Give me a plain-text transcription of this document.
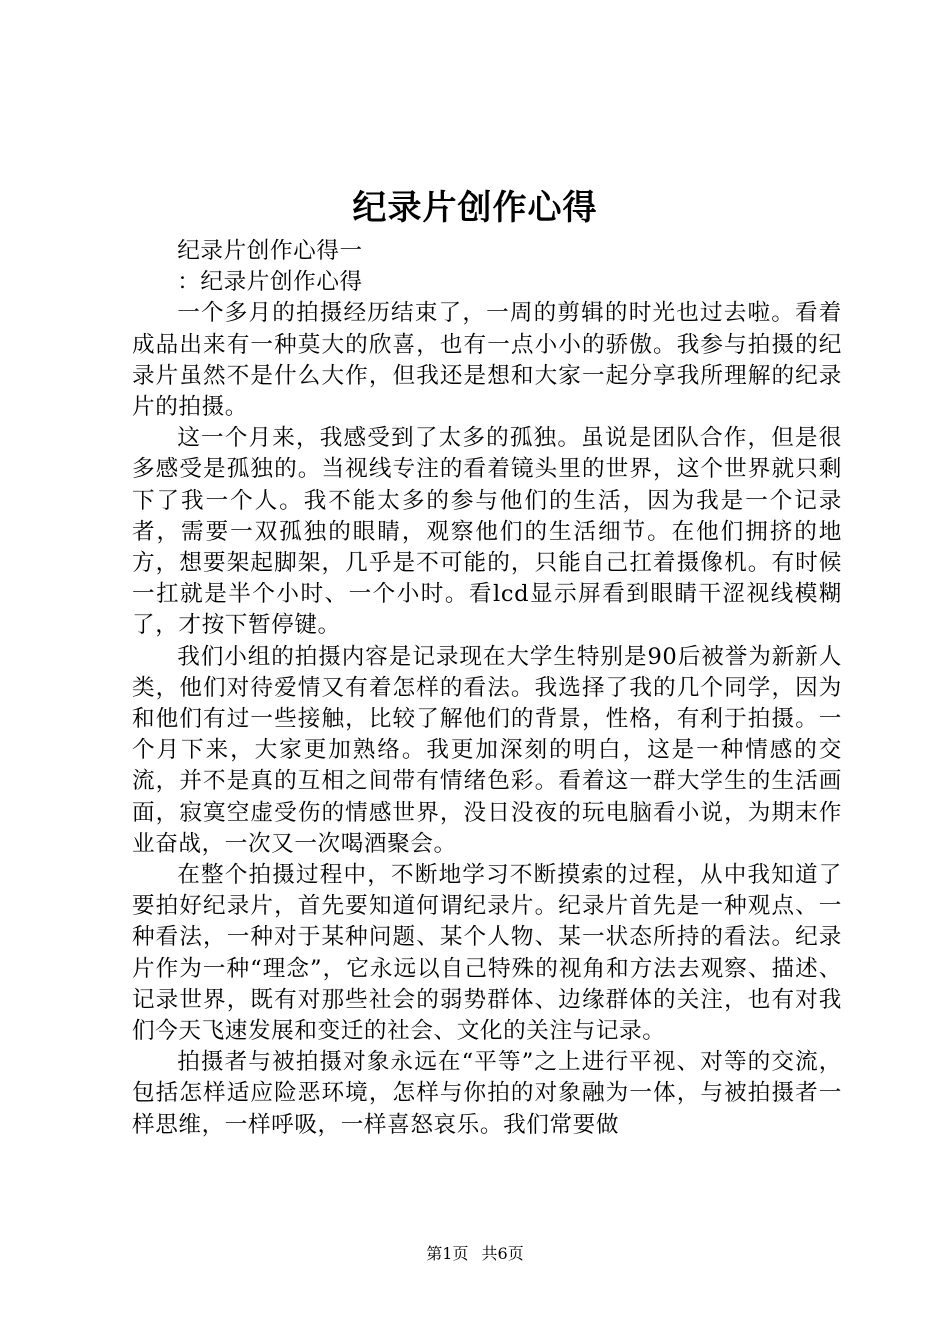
纪录片创作心得

纪录片创作心得一

：纪录片创作心得

一个多月的拍摄经历结束了，一周的剪辑的时光也过去啦。看着成品出来有一种莫大的欣喜，也有一点小小的骄傲。我参与拍摄的纪录片虽然不是什么大作，但我还是想和大家一起分享我所理解的纪录片的拍摄。

这一个月来，我感受到了太多的孤独。虽说是团队合作，但是很多感受是孤独的。当视线专注的看着镜头里的世界，这个世界就只剩下了我一个人。我不能太多的参与他们的生活，因为我是一个记录者，需要一双孤独的眼睛，观察他们的生活细节。在他们拥挤的地方，想要架起脚架，几乎是不可能的，只能自己扛着摄像机。有时候一扛就是半个小时、一个小时。看lcd显示屏看到眼睛干涩视线模糊了，才按下暂停键。

我们小组的拍摄内容是记录现在大学生特别是90后被誉为新新人类，他们对待爱情又有着怎样的看法。我选择了我的几个同学，因为和他们有过一些接触，比较了解他们的背景，性格，有利于拍摄。一个月下来，大家更加熟络。我更加深刻的明白，这是一种情感的交流，并不是真的互相之间带有情绪色彩。看着这一群大学生的生活画面，寂寞空虚受伤的情感世界，没日没夜的玩电脑看小说，为期末作业奋战，一次又一次喝酒聚会。

在整个拍摄过程中，不断地学习不断摸索的过程，从中我知道了要拍好纪录片，首先要知道何谓纪录片。纪录片首先是一种观点、一种看法，一种对于某种问题、某个人物、某一状态所持的看法。纪录片作为一种“理念”，它永远以自己特殊的视角和方法去观察、描述、记录世界，既有对那些社会的弱势群体、边缘群体的关注，也有对我们今天飞速发展和变迁的社会、文化的关注与记录。

拍摄者与被拍摄对象永远在“平等”之上进行平视、对等的交流，包括怎样适应险恶环境，怎样与你拍的对象融为一体，与被拍摄者一样思维，一样呼吸，一样喜怒哀乐。我们常要做

第1页 共6页
